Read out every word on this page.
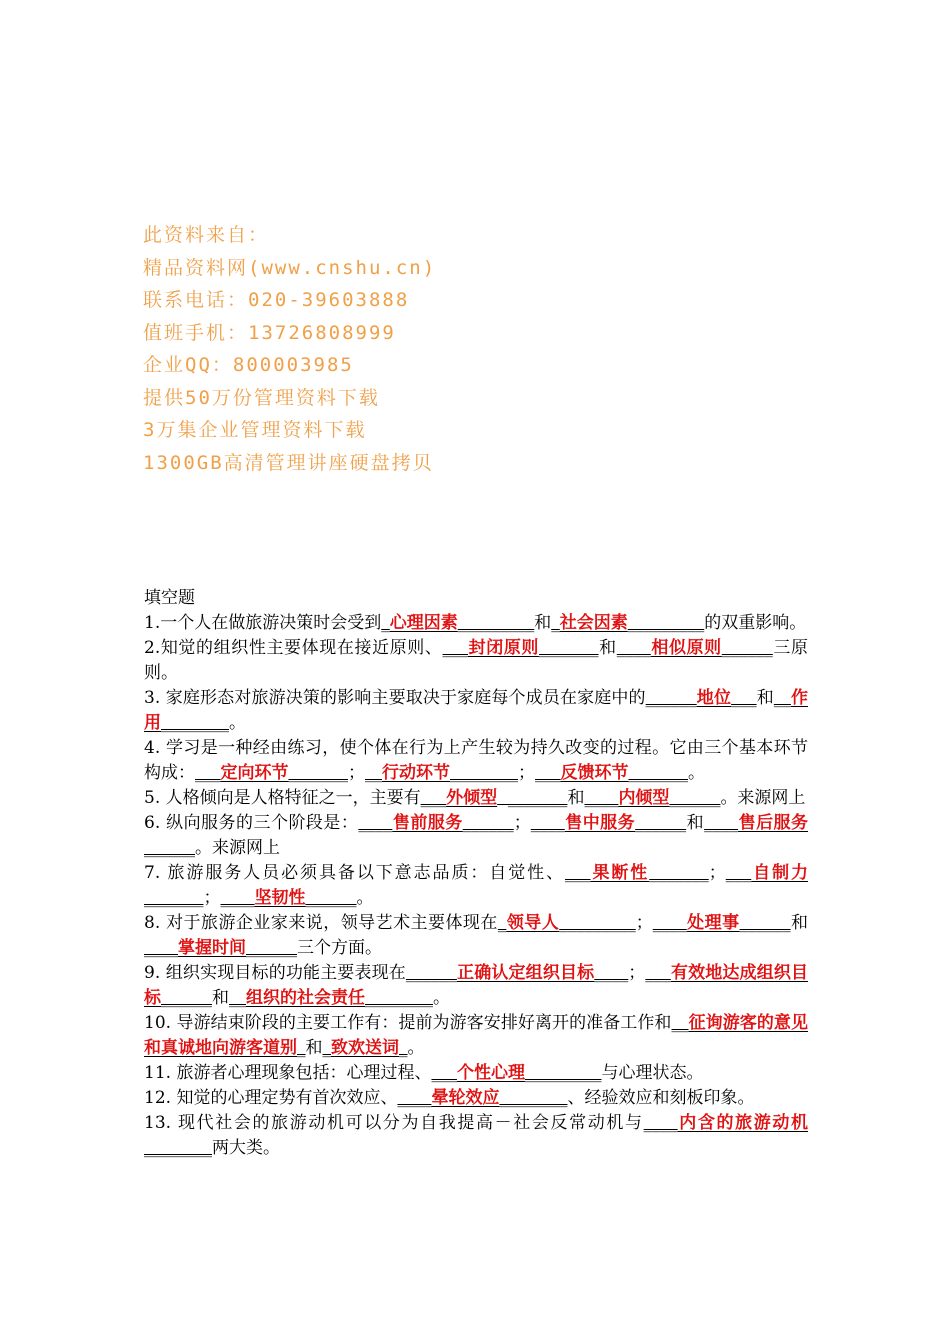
此资料来自：
精品资料网(www.cnshu.cn)
联系电话：020-39603888
值班手机：13726808999
企业QQ：800003985
提供50万份管理资料下载
3万集企业管理资料下载
1300GB高清管理讲座硬盘拷贝
填空题
1.一个人在做旅游决策时会受到_心理因素_________和_社会因素_________的双重影响。
2.知觉的组织性主要体现在接近原则、___封闭原则_______和____相似原则______三原则。
3. 家庭形态对旅游决策的影响主要取决于家庭每个成员在家庭中的______地位___和__作用________。
4. 学习是一种经由练习，使个体在行为上产生较为持久改变的过程。它由三个基本环节构成：___定向环节_______；__行动环节________；___反馈环节_______。
5. 人格倾向是人格特征之一，主要有___外倾型  _______和____内倾型______。来源网上
6. 纵向服务的三个阶段是：____售前服务______；____售中服务______和____售后服务______。来源网上
7. 旅游服务人员必须具备以下意志品质：自觉性、___果断性_______；___自制力_______；____坚韧性______。
8. 对于旅游企业家来说，领导艺术主要体现在_领导人_________；____处理事______和____掌握时间______三个方面。
9. 组织实现目标的功能主要表现在______正确认定组织目标____；___有效地达成组织目标______和__组织的社会责任________。
10. 导游结束阶段的主要工作有：提前为游客安排好离开的准备工作和__征询游客的意见和真诚地向游客道别_和_致欢送词_。
11. 旅游者心理现象包括：心理过程、___个性心理_________与心理状态。
12. 知觉的心理定势有首次效应、____晕轮效应________、经验效应和刻板印象。
13. 现代社会的旅游动机可以分为自我提高－社会反常动机与____内含的旅游动机________两大类。
